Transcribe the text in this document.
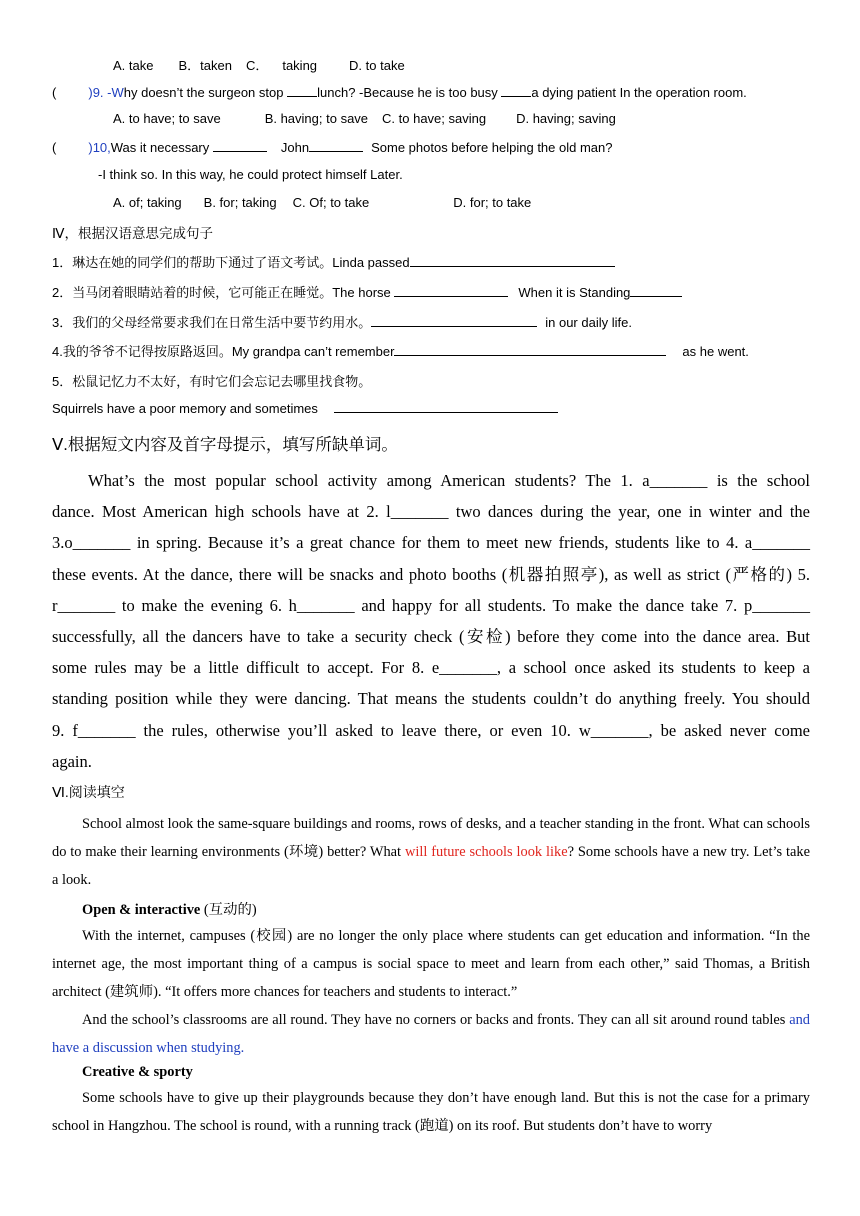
A. take B．taken C． taking D. to take
( )9. -Why doesn’t the surgeon stop	lunch? -Because he is too busy	a dying patient In the operation room.
A. to have; to save	B. having; to save C. to have; saving D. having; saving
( )10,Was it necessary	John	Some photos before helping the old man?
-I think so. In this way, he could protect himself Later.
A. of; taking B. for; taking C. Of; to take	D. for; to take
Ⅳ，根据汉语意思完成句子
1．琳达在她的同学们的帮助下通过了语文考试。Linda passed
2．当马闭着眼睛站着的时候，它可能正在睡觉。The horse	When it is Standing
3．我们的父母经常要求我们在日常生活中要节约用水。	in our daily life.
4.我的爷爷不记得按原路返回。My grandpa can’t remember	as he went.
5．松鼠记忆力不太好，有时它们会忘记去哪里找食物。
Squirrels have a poor memory and sometimes
Ⅴ.根据短文内容及首字母提示，填写所缺单词。
What’s the most popular school activity among American students? The 1. a_______ is the school
dance. Most American high schools have at 2. l_______ two dances during the year, one in winter and the
3.o_______ in spring. Because it’s a great chance for them to meet new friends, students like to 4. a_______
these events. At the dance, there will be snacks and photo booths (机器拍照亭), as well as strict (严格的) 5.
r_______ to make the evening 6. h_______ and happy for all students. To make the dance take 7. p_______
successfully, all the dancers have to take a security check (安检) before they come into the dance area. But
some rules may be a little difficult to accept. For 8. e_______, a school once asked its students to keep a
standing position while they were dancing. That means the students couldn’t do anything freely. You should
9. f_______ the rules, otherwise you’ll asked to leave there, or even 10. w_______, be asked never come
again.
Ⅵ.阅读填空
School almost look the same-square buildings and rooms, rows of desks, and a teacher standing in the front. What can schools do to make their learning environments (环境) better? What will future schools look like? Some schools have a new try. Let’s take a look.
Open & interactive (互动的)
With the internet, campuses (校园) are no longer the only place where students can get education and information. “In the internet age, the most important thing of a campus is social space to meet and learn from each other,” said Thomas, a British architect (建筑师). “It offers more chances for teachers and students to interact.”
And the school’s classrooms are all round. They have no corners or backs and fronts. They can all sit around round tables and have a discussion when studying.
Creative & sporty
Some schools have to give up their playgrounds because they don’t have enough land. But this is not the case for a primary school in Hangzhou. The school is round, with a running track (跑道) on its roof. But students don’t have to worry
